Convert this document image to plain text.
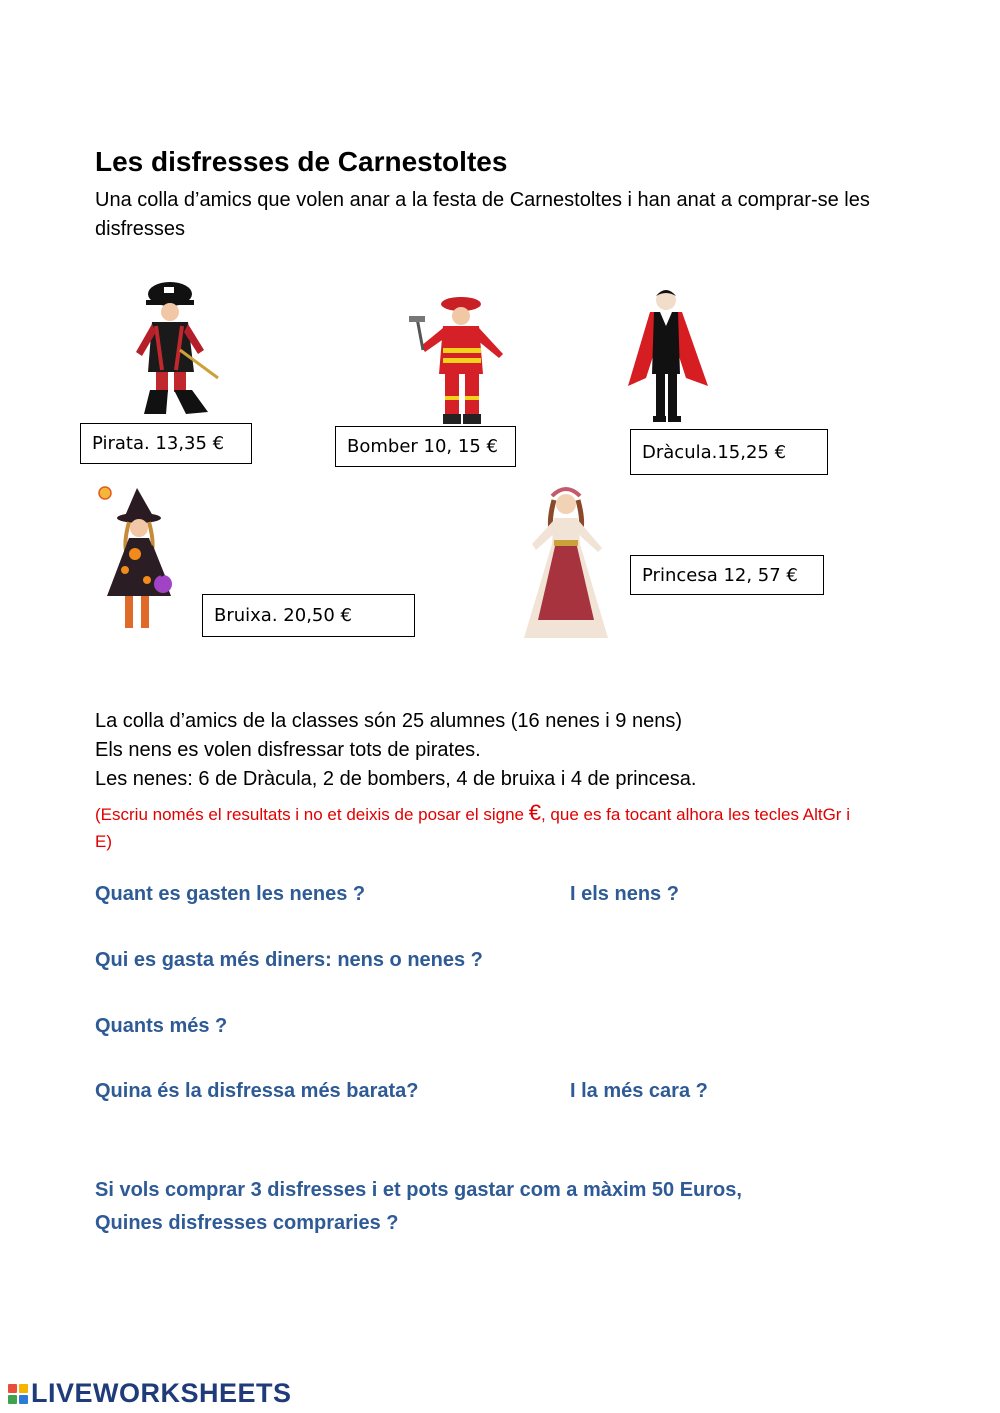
Les disfresses de Carnestoltes
Una colla d’amics que volen anar a la festa de Carnestoltes i han anat a comprar-se les disfresses
Pirata. 13,35 €	Bomber 10, 15 €	Dràcula.15,25 €
Bruixa. 20,50 €
Princesa 12, 57 €
La colla d’amics de la classes són 25 alumnes (16 nenes i 9 nens)
Els nens es volen disfressar tots de pirates.
Les nenes: 6 de Dràcula, 2 de bombers, 4 de bruixa i 4 de princesa.
(Escriu només el resultats i no et deixis de posar el signe €, que es fa tocant alhora les tecles AltGr i E)
Quant es gasten les nenes ?	I els nens ?
Qui es gasta més diners: nens o nenes ?
Quants més ?
Quina és la disfressa més barata?	I la més cara ?
Si vols comprar 3 disfresses i et pots gastar com a màxim 50 Euros,
Quines disfresses compraries ?
LIVEWORKSHEETS
